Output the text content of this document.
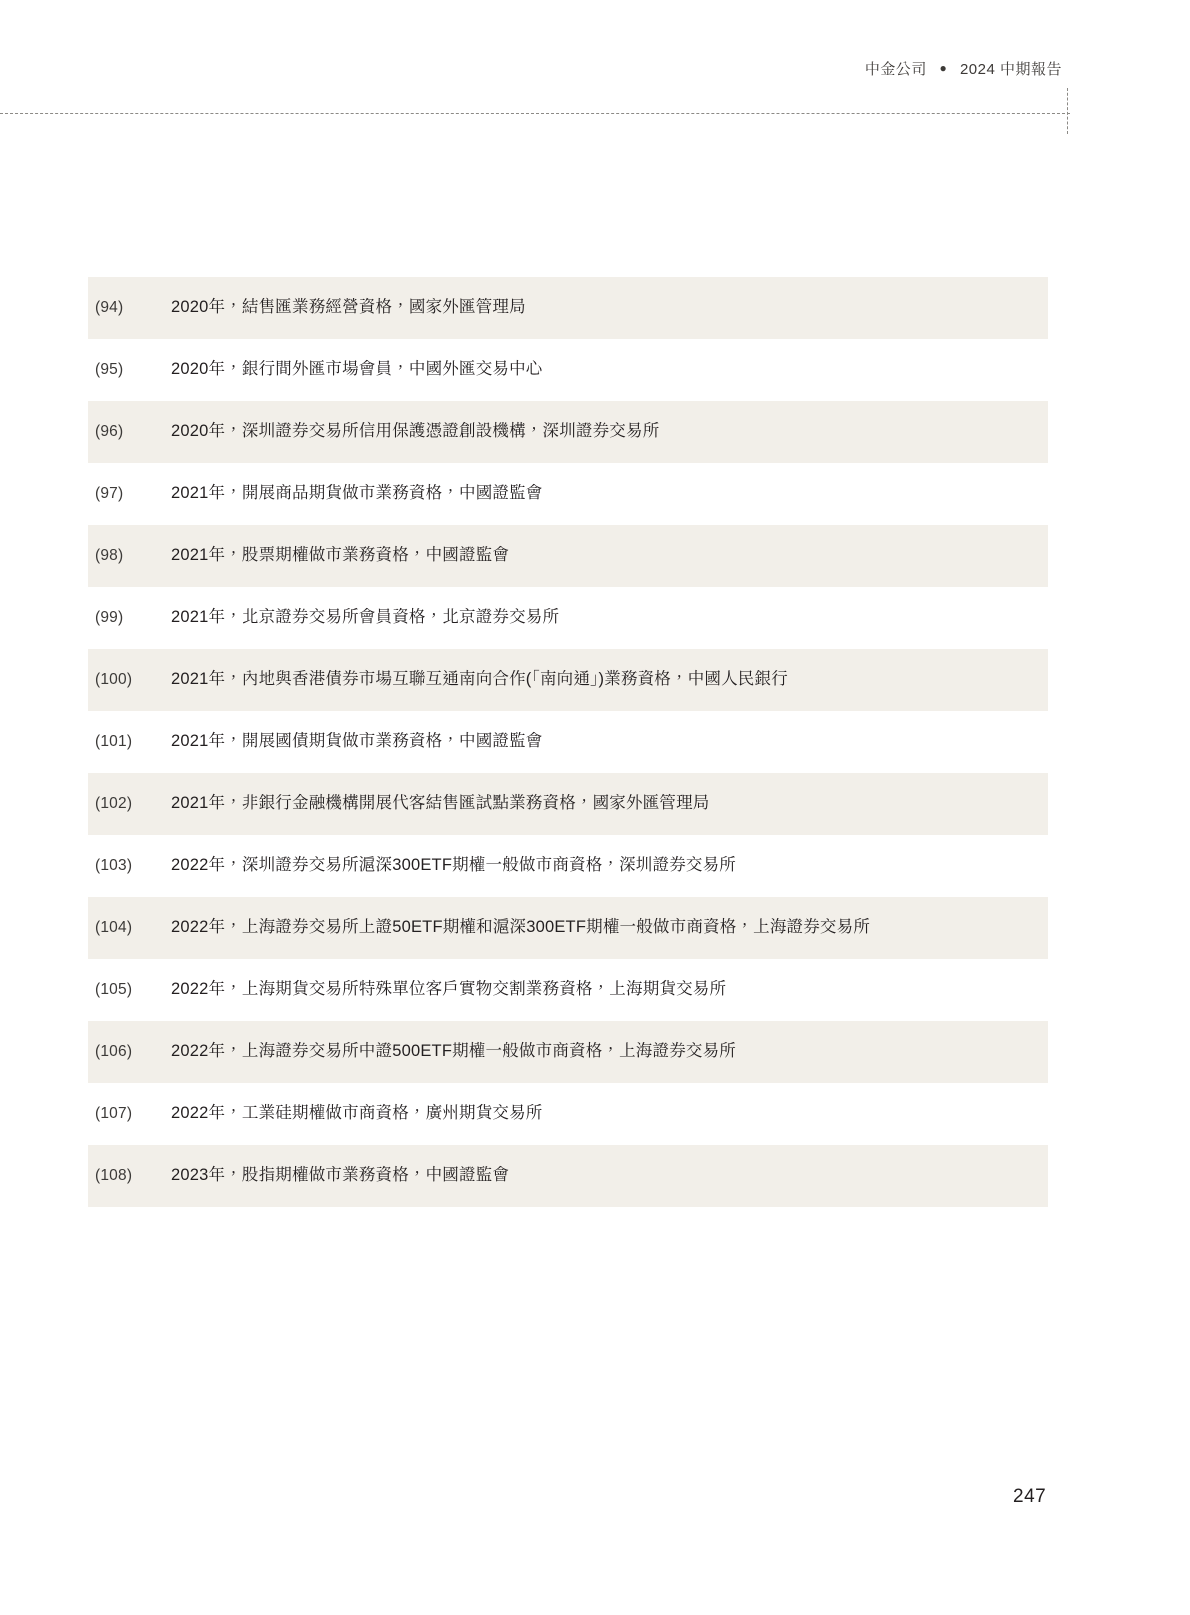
中金公司 ● 2024 中期報告
(94)	2020年，結售匯業務經營資格，國家外匯管理局
(95)	2020年，銀行間外匯市場會員，中國外匯交易中心
(96)	2020年，深圳證券交易所信用保護憑證創設機構，深圳證券交易所
(97)	2021年，開展商品期貨做市業務資格，中國證監會
(98)	2021年，股票期權做市業務資格，中國證監會
(99)	2021年，北京證券交易所會員資格，北京證券交易所
(100)	2021年，內地與香港債券市場互聯互通南向合作(「南向通」)業務資格，中國人民銀行
(101)	2021年，開展國債期貨做市業務資格，中國證監會
(102)	2021年，非銀行金融機構開展代客結售匯試點業務資格，國家外匯管理局
(103)	2022年，深圳證券交易所滬深300ETF期權一般做市商資格，深圳證券交易所
(104)	2022年，上海證券交易所上證50ETF期權和滬深300ETF期權一般做市商資格，上海證券交易所
(105)	2022年，上海期貨交易所特殊單位客戶實物交割業務資格，上海期貨交易所
(106)	2022年，上海證券交易所中證500ETF期權一般做市商資格，上海證券交易所
(107)	2022年，工業硅期權做市商資格，廣州期貨交易所
(108)	2023年，股指期權做市業務資格，中國證監會
247
